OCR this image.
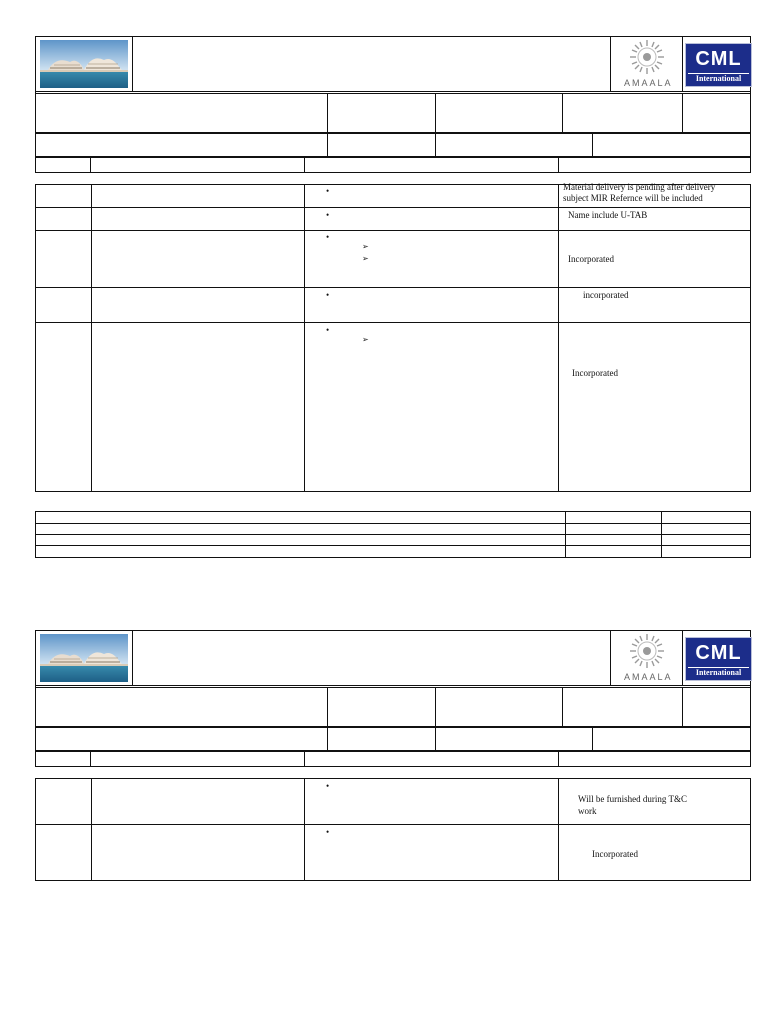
AMAALA
CML
International
•
•
•
➢
➢
•
•
➢
Material delivery is pending after delivery
subject MIR Refernce will be included
Name include U-TAB
Incorporated
incorporated
Incorporated
AMAALA
CML
International
•
•
Will be furnished during T&C
work
Incorporated
